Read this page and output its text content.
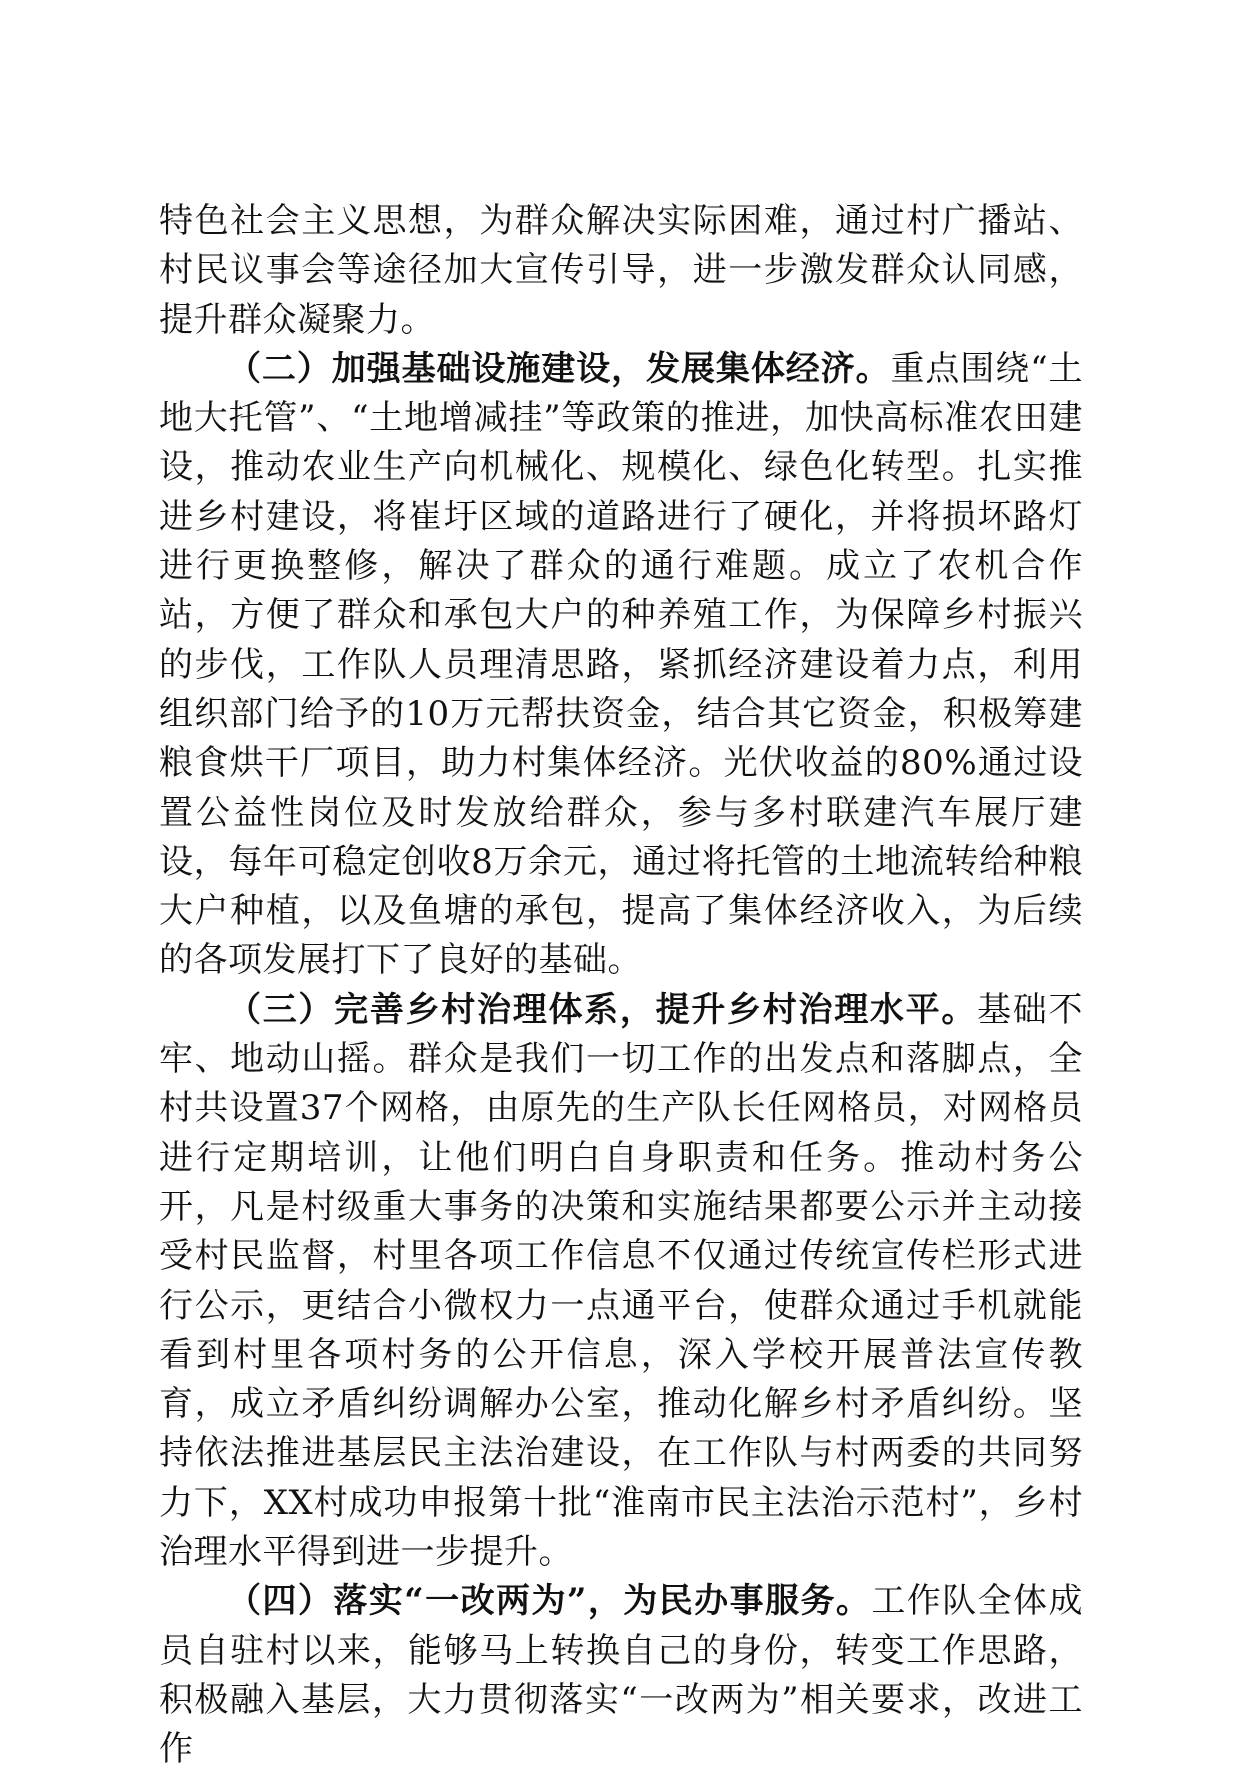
特色社会主义思想，为群众解决实际困难，通过村广播站、村民议事会等途径加大宣传引导，进一步激发群众认同感，提升群众凝聚力。

（二）加强基础设施建设，发展集体经济。重点围绕“土地大托管”、“土地增减挂”等政策的推进，加快高标准农田建设，推动农业生产向机械化、规模化、绿色化转型。扎实推进乡村建设，将崔圩区域的道路进行了硬化，并将损坏路灯进行更换整修，解决了群众的通行难题。成立了农机合作站，方便了群众和承包大户的种养殖工作，为保障乡村振兴的步伐，工作队人员理清思路，紧抓经济建设着力点，利用组织部门给予的10万元帮扶资金，结合其它资金，积极筹建粮食烘干厂项目，助力村集体经济。光伏收益的80%通过设置公益性岗位及时发放给群众，参与多村联建汽车展厅建设，每年可稳定创收8万余元，通过将托管的土地流转给种粮大户种植，以及鱼塘的承包，提高了集体经济收入，为后续的各项发展打下了良好的基础。

（三）完善乡村治理体系，提升乡村治理水平。基础不牢、地动山摇。群众是我们一切工作的出发点和落脚点，全村共设置37个网格，由原先的生产队长任网格员，对网格员进行定期培训，让他们明白自身职责和任务。推动村务公开，凡是村级重大事务的决策和实施结果都要公示并主动接受村民监督，村里各项工作信息不仅通过传统宣传栏形式进行公示，更结合小微权力一点通平台，使群众通过手机就能看到村里各项村务的公开信息，深入学校开展普法宣传教育，成立矛盾纠纷调解办公室，推动化解乡村矛盾纠纷。坚持依法推进基层民主法治建设，在工作队与村两委的共同努力下，XX村成功申报第十批“淮南市民主法治示范村”，乡村治理水平得到进一步提升。

（四）落实“一改两为”，为民办事服务。工作队全体成员自驻村以来，能够马上转换自己的身份，转变工作思路，积极融入基层，大力贯彻落实“一改两为”相关要求，改进工作
